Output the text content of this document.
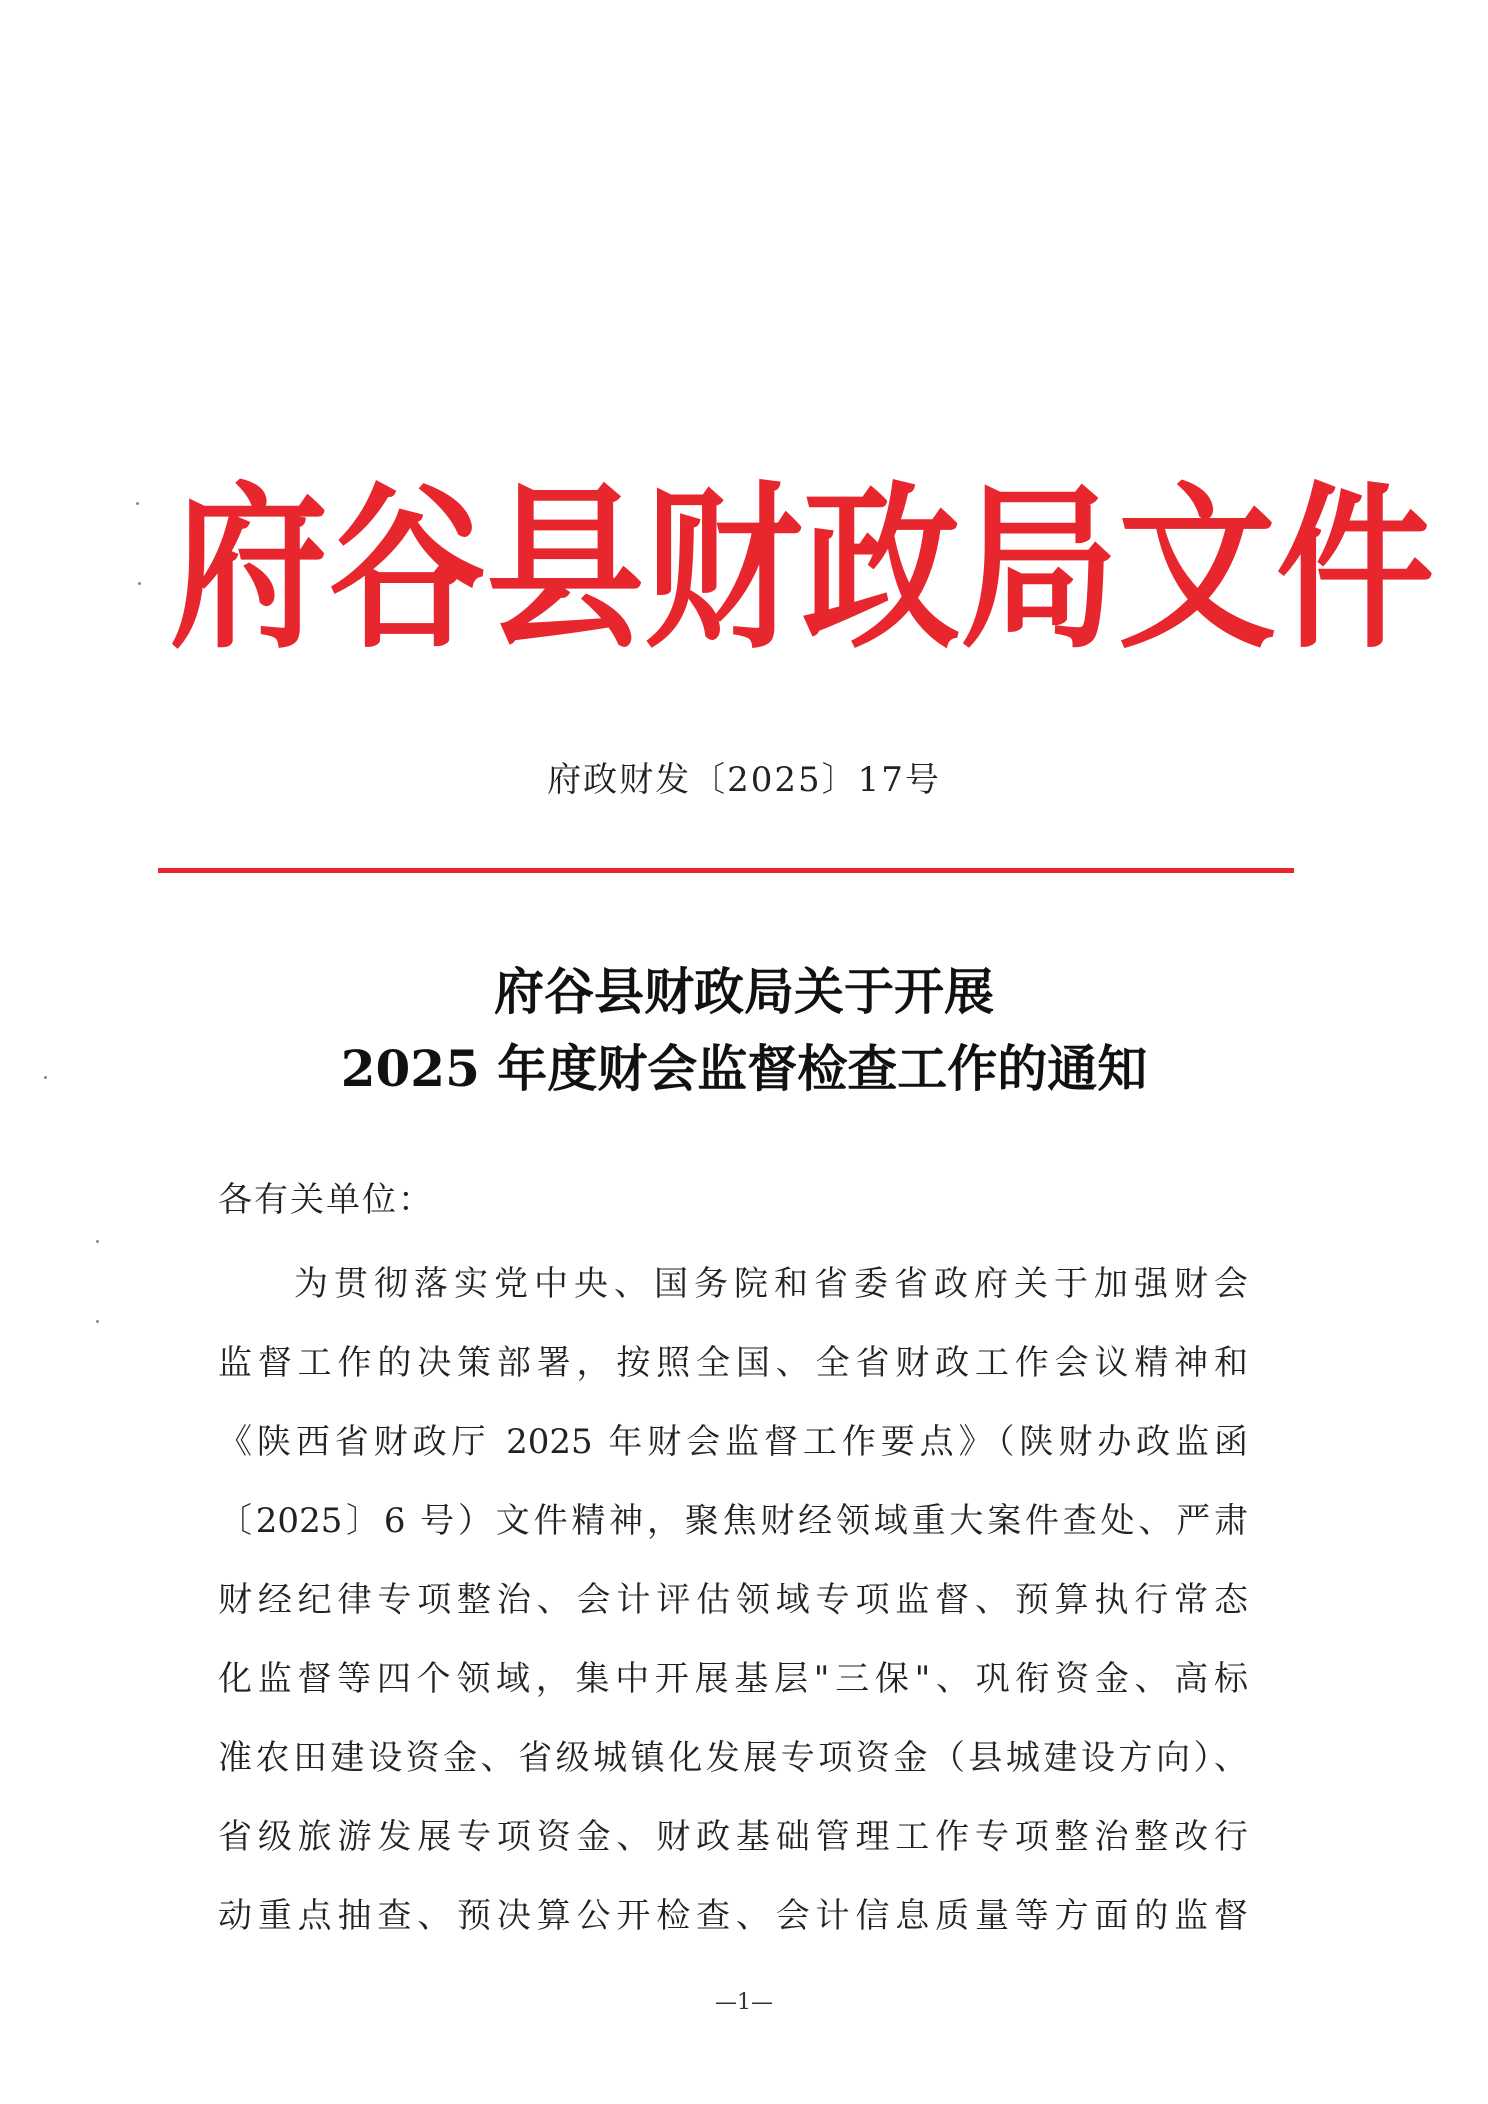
府 谷 县 财 政 局 文 件
府政财发〔2025〕17号
府谷县财政局关于开展
2025 年度财会监督检查工作的通知
各有关单位：
为贯彻落实党中央、国务院和省委省政府关于加强财会
监督工作的决策部署，按照全国、全省财政工作会议精神和
《陕西省财政厅 2025 年财会监督工作要点》（陕财办政监函
〔2025〕6 号）文件精神，聚焦财经领域重大案件查处、严肃
财经纪律专项整治、会计评估领域专项监督、预算执行常态
化监督等四个领域，集中开展基层"三保"、巩衔资金、高标
准农田建设资金、省级城镇化发展专项资金（县城建设方向）、
省级旅游发展专项资金、财政基础管理工作专项整治整改行
动重点抽查、预决算公开检查、会计信息质量等方面的监督
—1—
